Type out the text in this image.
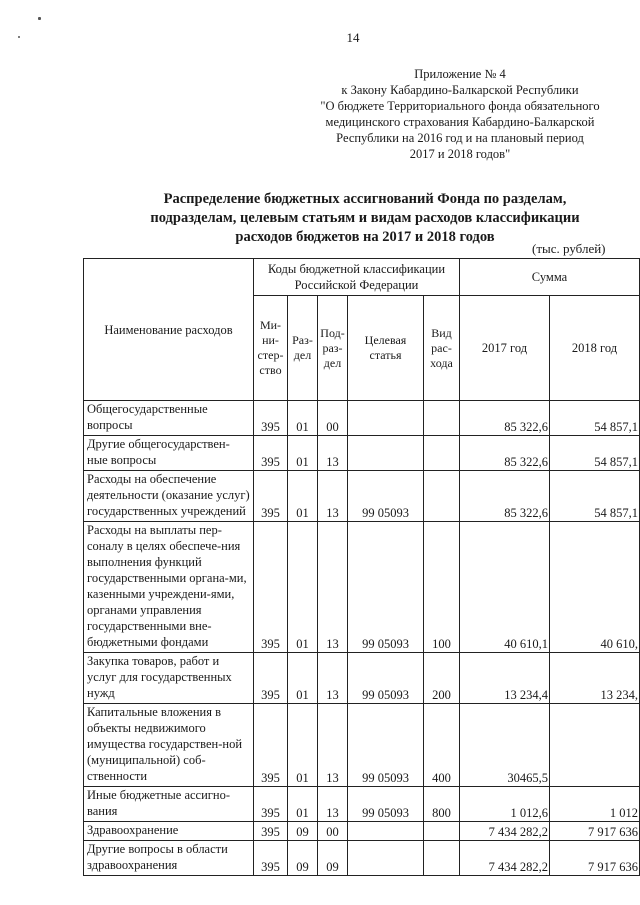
14
Приложение № 4
к Закону Кабардино-Балкарской Республики
"О бюджете Территориального фонда обязательного
медицинского страхования Кабардино-Балкарской
Республики на 2016 год и на плановый период
2017 и 2018 годов"
Распределение бюджетных ассигнований Фонда по разделам,
подразделам, целевым статьям и видам расходов классификации
расходов бюджетов на 2017 и 2018 годов
(тыс. рублей)
Наименование расходов	Коды бюджетной классификации Российской Федерации					Сумма	
	Ми-ни-стер-ство	Раз-дел	Под-раз-дел	Целевая статья	Вид рас-хода	2017 год	2018 год
Общегосударственные вопросы	395	01	00			85 322,6	54 857,1
Другие общегосударствен-ные вопросы	395	01	13			85 322,6	54 857,1
Расходы на обеспечение деятельности (оказание услуг) государственных учреждений	395	01	13	99 05093		85 322,6	54 857,1
Расходы на выплаты пер-соналу в целях обеспече-ния выполнения функций государственными органа-ми, казенными учреждени-ями, органами управления государственными вне-бюджетными фондами	395	01	13	99 05093	100	40 610,1	40 610,
Закупка товаров, работ и услуг для государственных нужд	395	01	13	99 05093	200	13 234,4	13 234,
Капитальные вложения в объекты недвижимого имущества государствен-ной (муниципальной) соб-ственности	395	01	13	99 05093	400	30465,5	
Иные бюджетные ассигно-вания	395	01	13	99 05093	800	1 012,6	1 012
Здравоохранение	395	09	00			7 434 282,2	7 917 636
Другие вопросы в области здравоохранения	395	09	09			7 434 282,2	7 917 636
